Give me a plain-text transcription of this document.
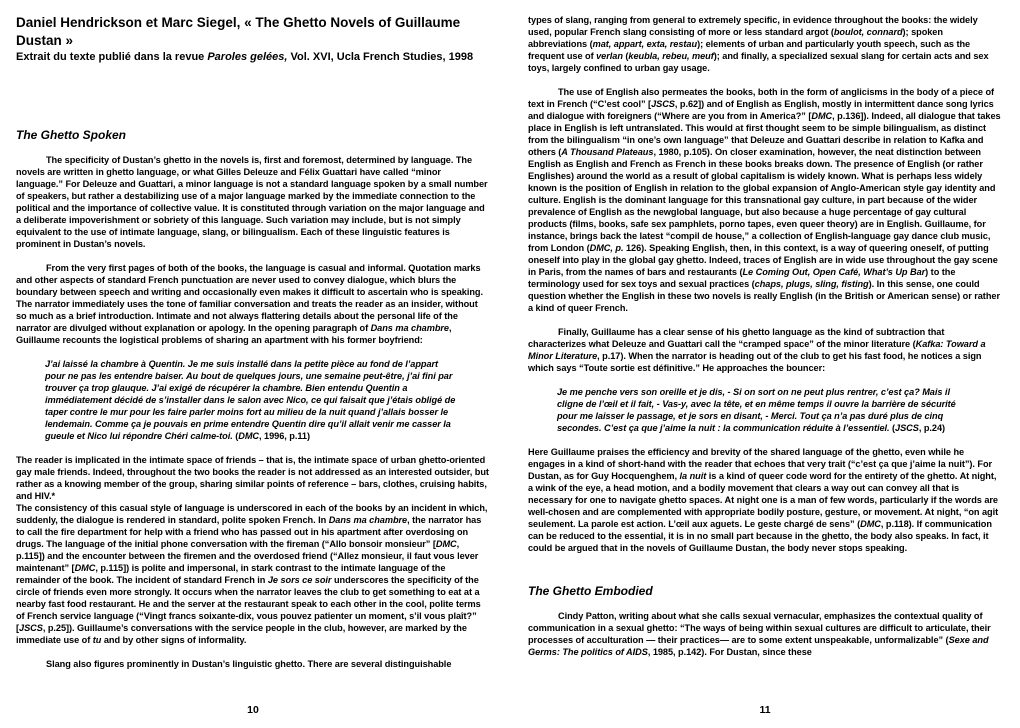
Daniel Hendrickson et Marc Siegel, « The Ghetto Novels of Guillaume Dustan »
Extrait du texte publié dans la revue Paroles gelées, Vol. XVI, Ucla French Studies, 1998
The Ghetto Spoken
The specificity of Dustan’s ghetto in the novels is, first and foremost, determined by language. The novels are written in ghetto language, or what Gilles Deleuze and Félix Guattari have called “minor language.” For Deleuze and Guattari, a minor language is not a standard language spoken by a small number of speakers, but rather a destabilizing use of a major language marked by the immediate connection to the political and the importance of collective value. It is constituted through variation on the major language and a deliberate impoverishment or sobriety of this language. Such variation may include, but is not simply equivalent to the use of intimate language, slang, or bilingualism. Each of these linguistic features is prominent in Dustan’s novels.
From the very first pages of both of the books, the language is casual and informal. Quotation marks and other aspects of standard French punctuation are never used to convey dialogue, which blurs the boundary between speech and writing and occasionally even makes it difficult to ascertain who is speaking. The narrator immediately uses the tone of familiar conversation and treats the reader as an insider, without so much as a brief introduction. Intimate and not always flattering details about the personal life of the narrator are divulged without explanation or apology. In the opening paragraph of Dans ma chambre, Guillaume recounts the logistical problems of sharing an apartment with his former boyfriend:
J’ai laissé la chambre à Quentin. Je me suis installé dans la petite pièce au fond de l’appart pour ne pas les entendre baiser. Au bout de quelques jours, une semaine peut-être, j’ai fini par trouver ça trop glauque. J’ai exigé de récupérer la chambre. Bien entendu Quentin a immédiatement décidé de s’installer dans le salon avec Nico, ce qui faisait que j’étais obligé de taper contre le mur pour les faire parler moins fort au milieu de la nuit quand j’allais bosser le lendemain. Comme ça je pouvais en prime entendre Quentin dire qu’il allait venir me casser la gueule et Nico lui répondre Chéri calme-toi. (DMC, 1996, p.11)
The reader is implicated in the intimate space of friends – that is, the intimate space of urban ghetto-oriented gay male friends. Indeed, throughout the two books the reader is not addressed as an interested outsider, but rather as a knowing member of the group, sharing similar points of reference – bars, clothes, cruising habits, and HIV.*
The consistency of this casual style of language is underscored in each of the books by an incident in which, suddenly, the dialogue is rendered in standard, polite spoken French. In Dans ma chambre, the narrator has to call the fire department for help with a friend who has passed out in his apartment after overdosing on drugs. The language of the initial phone conversation with the fireman (“Allo bonsoir monsieur” [DMC, p.115]) and the encounter between the firemen and the overdosed friend (“Allez monsieur, il faut vous lever maintenant” [DMC, p.115]) is polite and impersonal, in stark contrast to the intimate language of the remainder of the book. The incident of standard French in Je sors ce soir underscores the specificity of the circle of friends even more strongly. It occurs when the narrator leaves the club to get something to eat at a nearby fast food restaurant. He and the server at the restaurant speak to each other in the cool, polite terms of French service language (“Vingt francs soixante-dix, vous pouvez patienter un moment, s’il vous plaît?” [JSCS, p.25]). Guillaume’s conversations with the service people in the club, however, are marked by the immediate use of tu and by other signs of informality.
Slang also figures prominently in Dustan’s linguistic ghetto. There are several distinguishable
10
types of slang, ranging from general to extremely specific, in evidence throughout the books: the widely used, popular French slang consisting of more or less standard argot (boulot, connard); spoken abbreviations (mat, appart, exta, restau); elements of urban and particularly youth speech, such as the frequent use of verlan (keubla, rebeu, meuf); and finally, a specialized sexual slang for certain acts and sex toys, largely confined to urban gay usage.
The use of English also permeates the books, both in the form of anglicisms in the body of a piece of text in French (“C’est cool” [JSCS, p.62]) and of English as English, mostly in intermittent dance song lyrics and dialogue with foreigners (“Where are you from in America?” [DMC, p.136]). Indeed, all dialogue that takes place in English is left untranslated. This would at first thought seem to be simple bilingualism, as distinct from the bilingualism “in one’s own language” that Deleuze and Guattari describe in relation to Kafka and others (A Thousand Plateaus, 1980, p.105). On closer examination, however, the neat distinction between English as English and French as French in these books breaks down. The presence of English (or rather Englishes) around the world as a result of global capitalism is widely known. What is perhaps less widely known is the position of English in relation to the global expansion of Anglo-American style gay identity and culture. English is the dominant language for this transnational gay culture, in part because of the wider prevalence of English as the newglobal language, but also because a huge percentage of gay cultural products (films, books, safe sex pamphlets, porno tapes, even queer theory) are in English. Guillaume, for instance, brings back the latest “compil de house,” a collection of English-language gay dance club music, from London (DMC, p. 126). Speaking English, then, in this context, is a way of queering oneself, of putting oneself into play in the global gay ghetto. Indeed, traces of English are in wide use throughout the gay scene in Paris, from the names of bars and restaurants (Le Coming Out, Open Café, What’s Up Bar) to the terminology used for sex toys and sexual practices (chaps, plugs, sling, fisting). In this sense, one could question whether the English in these two novels is really English (in the British or American sense) or rather a kind of queer French.
Finally, Guillaume has a clear sense of his ghetto language as the kind of subtraction that characterizes what Deleuze and Guattari call the “cramped space” of the minor literature (Kafka: Toward a Minor Literature, p.17). When the narrator is heading out of the club to get his fast food, he notices a sign which says “Toute sortie est définitive.” He approaches the bouncer:
Je me penche vers son oreille et je dis, - Si on sort on ne peut plus rentrer, c’est ça? Mais il cligne de l’œil et il fait, - Vas-y, avec la tête, et en même temps il ouvre la barrière de sécurité pour me laisser le passage, et je sors en disant, - Merci. Tout ça n’a pas duré plus de cinq secondes. C’est ça que j’aime la nuit : la communication réduite à l’essentiel. (JSCS, p.24)
Here Guillaume praises the efficiency and brevity of the shared language of the ghetto, even while he engages in a kind of short-hand with the reader that echoes that very trait (“c’est ça que j’aime la nuit”). For Dustan, as for Guy Hocquenghem, la nuit is a kind of queer code word for the entirety of the ghetto. At night, a wink of the eye, a head motion, and a bodily movement that clears a way out can convey all that is necessary for one to navigate ghetto spaces. At night one is a man of few words, particularly if the words are well-chosen and are complemented with appropriate bodily posture, gesture, or movement. At night, “on agit seulement. La parole est action. L’œil aux aguets. Le geste chargé de sens” (DMC, p.118). If communication can be reduced to the essential, it is in no small part because in the ghetto, the body also speaks. In fact, it could be argued that in the novels of Guillaume Dustan, the body never stops speaking.
The Ghetto Embodied
Cindy Patton, writing about what she calls sexual vernacular, emphasizes the contextual quality of communication in a sexual ghetto: “The ways of being within sexual cultures are difficult to articulate, their processes of acculturation — their practices— are to some extent unspeakable, unformalizable” (Sexe and Germs: The politics of AIDS, 1985, p.142). For Dustan, since these
11
